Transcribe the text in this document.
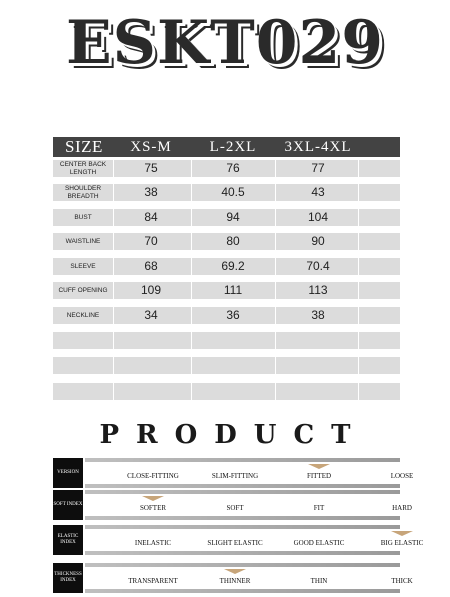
ESKT029
SIZE XS-M	L-2XL 3XL-4XL
CENTER BACK LENGTH	75	76	77
SHOULDER BREADTH	38	40.5	43
BUST	84	94	104
WAISTLINE	70	80	90
SLEEVE	68	69.2	70.4
CUFF OPENING	109	111	113
NECKLINE	34	36	38
PRODUCT
VERSION	CLOSE-FITTING	SLIM-FITTING	FITTED	LOOSE
SOFT INDEX	SOFTER	SOFT	FIT	HARD
ELASTIC INDEX	INELASTIC	SLIGHT ELASTIC	GOOD ELASTIC	BIG ELASTIC
THICKNESS INDEX	TRANSPARENT	THINNER	THIN	THICK
